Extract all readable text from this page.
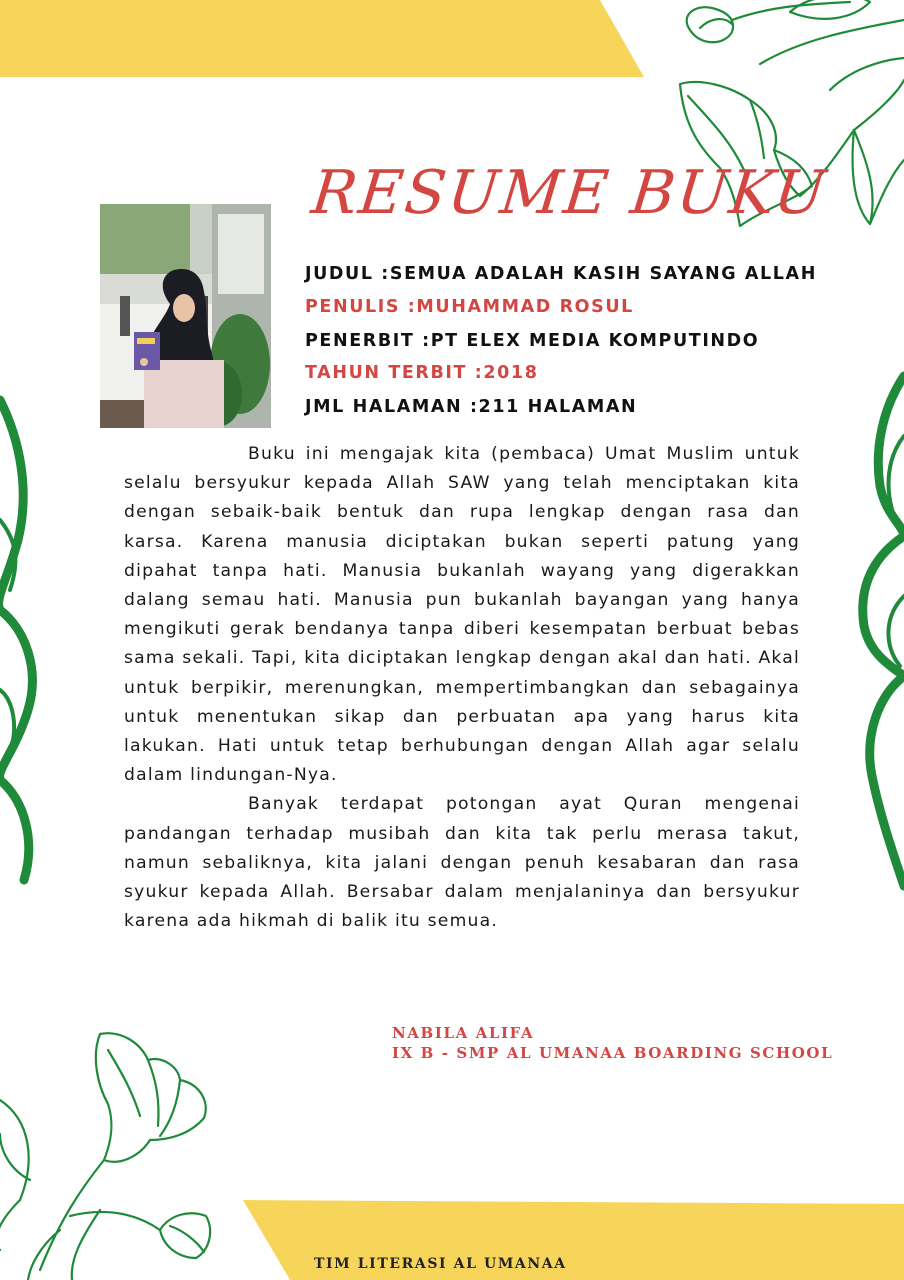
RESUME BUKU
JUDUL :SEMUA ADALAH KASIH SAYANG ALLAH
PENULIS :MUHAMMAD ROSUL
PENERBIT :PT ELEX MEDIA KOMPUTINDO
TAHUN TERBIT :2018
JML HALAMAN :211 HALAMAN

Buku ini mengajak kita (pembaca) Umat Muslim untuk selalu bersyukur kepada Allah SAW yang telah menciptakan kita dengan sebaik-baik bentuk dan rupa lengkap dengan rasa dan karsa. Karena manusia diciptakan bukan seperti patung yang dipahat tanpa hati. Manusia bukanlah wayang yang digerakkan dalang semau hati. Manusia pun bukanlah bayangan yang hanya mengikuti gerak bendanya tanpa diberi kesempatan berbuat bebas sama sekali. Tapi, kita diciptakan lengkap dengan akal dan hati. Akal untuk berpikir, merenungkan, mempertimbangkan dan sebagainya untuk menentukan sikap dan perbuatan apa yang harus kita lakukan. Hati untuk tetap berhubungan dengan Allah agar selalu dalam lindungan-Nya.

Banyak terdapat potongan ayat Quran mengenai pandangan terhadap musibah dan kita tak perlu merasa takut, namun sebaliknya, kita jalani dengan penuh kesabaran dan rasa syukur kepada Allah. Bersabar dalam menjalaninya dan bersyukur karena ada hikmah di balik itu semua.

NABILA ALIFA
IX B - SMP AL UMANAA BOARDING SCHOOL
TIM LITERASI AL UMANAA
